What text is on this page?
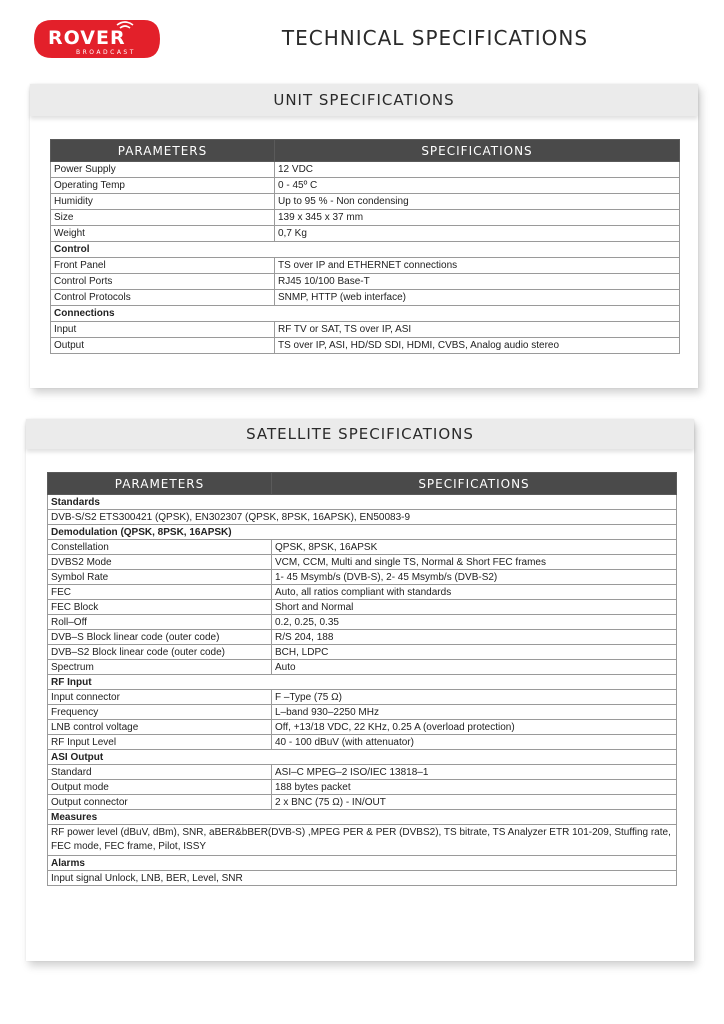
ROVER
BROADCAST
TECHNICAL SPECIFICATIONS
UNIT SPECIFICATIONS
PARAMETERS	SPECIFICATIONS
Power Supply	12 VDC
Operating Temp	0 - 45º C
Humidity	Up to 95 % - Non condensing
Size	139 x 345 x 37 mm
Weight	0,7 Kg
Control	
Front Panel	TS over IP and ETHERNET connections
Control Ports	RJ45 10/100 Base-T
Control Protocols	SNMP, HTTP (web interface)
Connections	
Input	RF TV or SAT, TS over IP, ASI
Output	TS over IP, ASI, HD/SD SDI, HDMI, CVBS, Analog audio stereo
SATELLITE SPECIFICATIONS
PARAMETERS	SPECIFICATIONS
Standards	
DVB-S/S2 ETS300421 (QPSK), EN302307 (QPSK, 8PSK, 16APSK), EN50083-9	
Demodulation (QPSK, 8PSK, 16APSK)	
Constellation	QPSK, 8PSK, 16APSK
DVBS2 Mode	VCM, CCM, Multi and single TS, Normal & Short FEC frames
Symbol Rate	1- 45 Msymb/s (DVB-S), 2- 45 Msymb/s (DVB-S2)
FEC	Auto, all ratios compliant with standards
FEC Block	Short and Normal
Roll–Off	0.2, 0.25, 0.35
DVB–S Block linear code (outer code)	R/S 204, 188
DVB–S2 Block linear code (outer code)	BCH, LDPC
Spectrum	Auto
RF Input	
Input connector	F –Type (75 Ω)
Frequency	L–band 930–2250 MHz
LNB control voltage	Off, +13/18 VDC, 22 KHz, 0.25 A (overload protection)
RF Input Level	40 - 100 dBuV (with attenuator)
ASI Output	
Standard	ASI–C MPEG–2 ISO/IEC 13818–1
Output mode	188 bytes packet
Output connector	2 x BNC (75 Ω) - IN/OUT
Measures	
RF power level (dBuV, dBm), SNR, aBER&bBER(DVB-S) ,MPEG PER & PER (DVBS2), TS bitrate, TS Analyzer ETR 101-209, Stuffing rate, FEC mode, FEC frame, Pilot, ISSY	
Alarms	
Input signal Unlock, LNB, BER, Level, SNR	
